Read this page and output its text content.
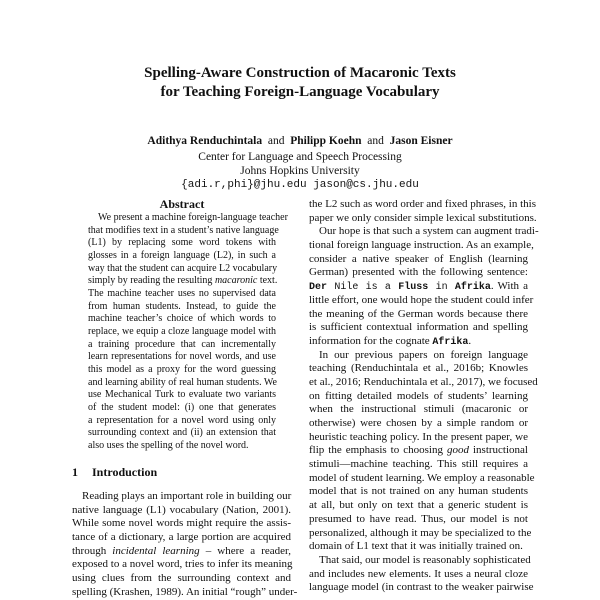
Spelling-Aware Construction of Macaronic Texts
for Teaching Foreign-Language Vocabulary
Adithya Renduchintala and Philipp Koehn and Jason Eisner
Center for Language and Speech Processing
Johns Hopkins University
{adi.r,phi}@jhu.edu jason@cs.jhu.edu
Abstract
We present a machine foreign-language teacher
that modifies text in a student’s native language
(L1) by replacing some word tokens with
glosses in a foreign language (L2), in such a
way that the student can acquire L2 vocabulary
simply by reading the resulting macaronic text.
The machine teacher uses no supervised data
from human students. Instead, to guide the
machine teacher’s choice of which words to
replace, we equip a cloze language model with
a training procedure that can incrementally
learn representations for novel words, and use
this model as a proxy for the word guessing
and learning ability of real human students. We
use Mechanical Turk to evaluate two variants
of the student model: (i) one that generates
a representation for a novel word using only
surrounding context and (ii) an extension that
also uses the spelling of the novel word.
1 Introduction
Reading plays an important role in building our
native language (L1) vocabulary (Nation, 2001).
While some novel words might require the assis-
tance of a dictionary, a large portion are acquired
through incidental learning – where a reader,
exposed to a novel word, tries to infer its meaning
using clues from the surrounding context and
spelling (Krashen, 1989). An initial “rough” under-
the L2 such as word order and fixed phrases, in this
paper we only consider simple lexical substitutions.
Our hope is that such a system can augment tradi-
tional foreign language instruction. As an example,
consider a native speaker of English (learning
German) presented with the following sentence:
Der Nile is a Fluss in Afrika. With a
little effort, one would hope the student could infer
the meaning of the German words because there
is sufficient contextual information and spelling
information for the cognate Afrika.
In our previous papers on foreign language
teaching (Renduchintala et al., 2016b; Knowles
et al., 2016; Renduchintala et al., 2017), we focused
on fitting detailed models of students’ learning
when the instructional stimuli (macaronic or
otherwise) were chosen by a simple random or
heuristic teaching policy. In the present paper, we
flip the emphasis to choosing good instructional
stimuli—machine teaching. This still requires a
model of student learning. We employ a reasonable
model that is not trained on any human students
at all, but only on text that a generic student is
presumed to have read. Thus, our model is not
personalized, although it may be specialized to the
domain of L1 text that it was initially trained on.
That said, our model is reasonably sophisticated
and includes new elements. It uses a neural cloze
language model (in contrast to the weaker pairwise
